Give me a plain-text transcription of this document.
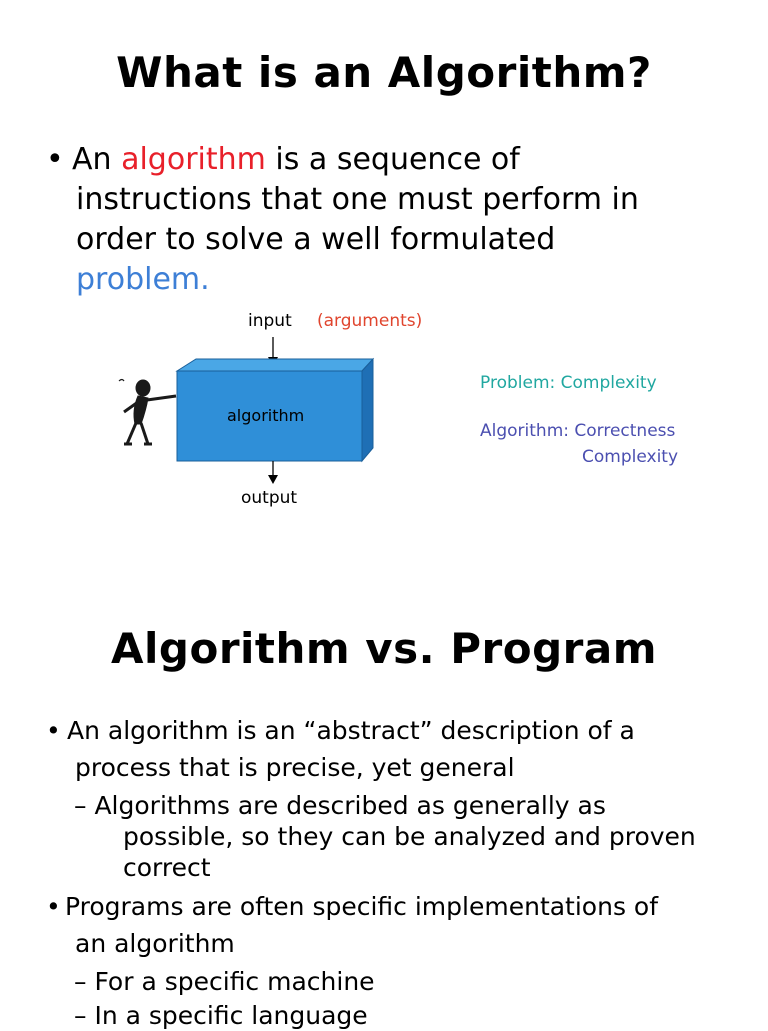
What is an Algorithm?
• An algorithm is a sequence of
instructions that one must perform in
order to solve a well formulated
problem.
input (arguments)
algorithm
output
Problem: Complexity
Algorithm: Correctness
Complexity
Algorithm vs. Program
• An algorithm is an “abstract” description of a
process that is precise, yet general
– Algorithms are described as generally as
possible, so they can be analyzed and proven
correct
• Programs are often specific implementations of
an algorithm
– For a specific machine
– In a specific language
